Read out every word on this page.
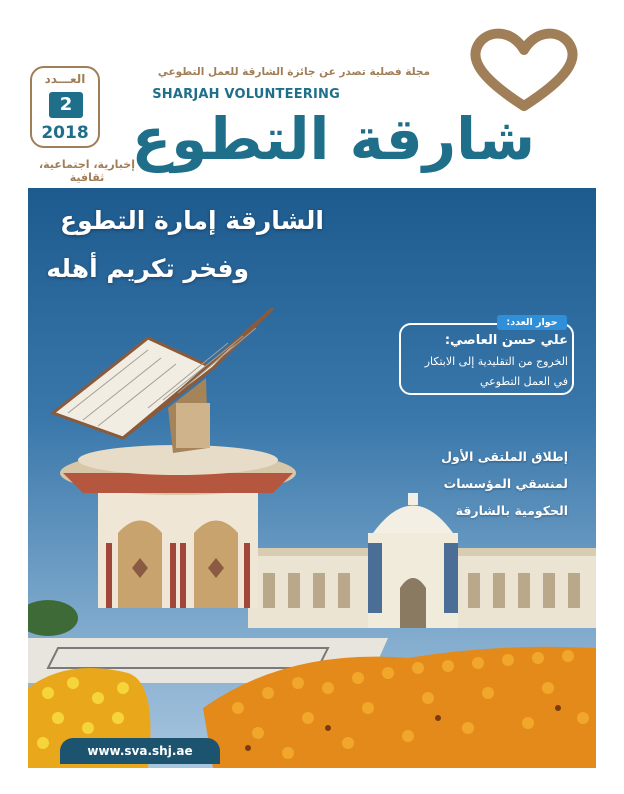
العـــدد
2
2018
إخبارية، اجتماعية، ثقافية
مجلة فصلية تصدر عن جائزة الشارقة للعمل التطوعي
SHARJAH VOLUNTEERING
شارقة التطوع
الشارقة إمارة التطوع
وفخر تكريم أهله
حوار العدد:
علي حسن العاصي:
الخروج من التقليدية إلى الابتكار
في العمل التطوعي
إطلاق الملتقى الأول
لمنسقي المؤسسات
الحكومية بالشارقة
www.sva.shj.ae
